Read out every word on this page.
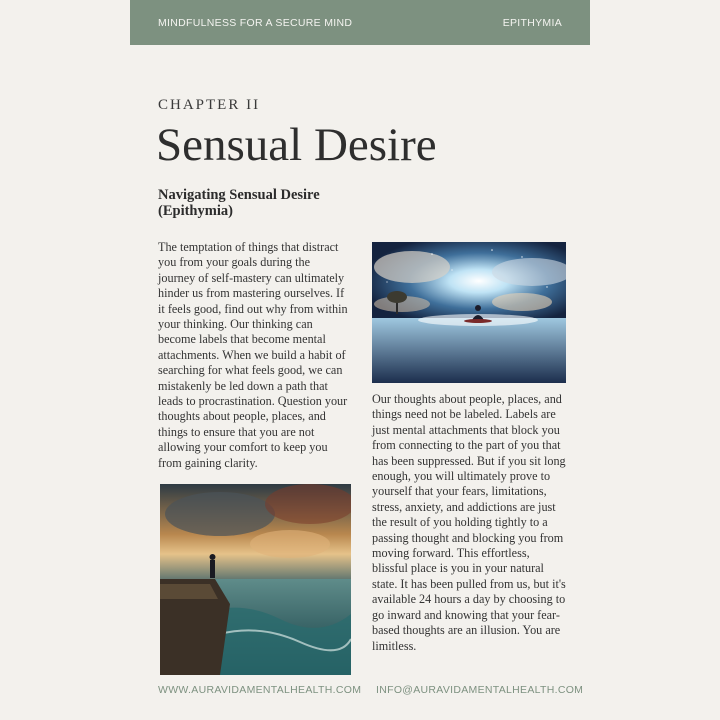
MINDFULNESS FOR A SECURE MIND	EPITHYMIA
CHAPTER II
Sensual Desire
Navigating Sensual Desire (Epithymia)

The temptation of things that distract you from your goals during the journey of self-mastery can ultimately hinder us from mastering ourselves. If it feels good, find out why from within your thinking. Our thinking can become labels that become mental attachments. When we build a habit of searching for what feels good, we can mistakenly be led down a path that leads to procrastination. Question your thoughts about people, places, and things to ensure that you are not allowing your comfort to keep you from gaining clarity.

Our thoughts about people, places, and things need not be labeled. Labels are just mental attachments that block you from connecting to the part of you that has been suppressed. But if you sit long enough, you will ultimately prove to yourself that your fears, limitations, stress, anxiety, and addictions are just the result of you holding tightly to a passing thought and blocking you from moving forward. This effortless, blissful place is you in your natural state. It has been pulled from us, but it's available 24 hours a day by choosing to go inward and knowing that your fear-based thoughts are an illusion. You are limitless.

WWW.AURAVIDAMENTALHEALTH.COM INFO@AURAVIDAMENTALHEALTH.COM
